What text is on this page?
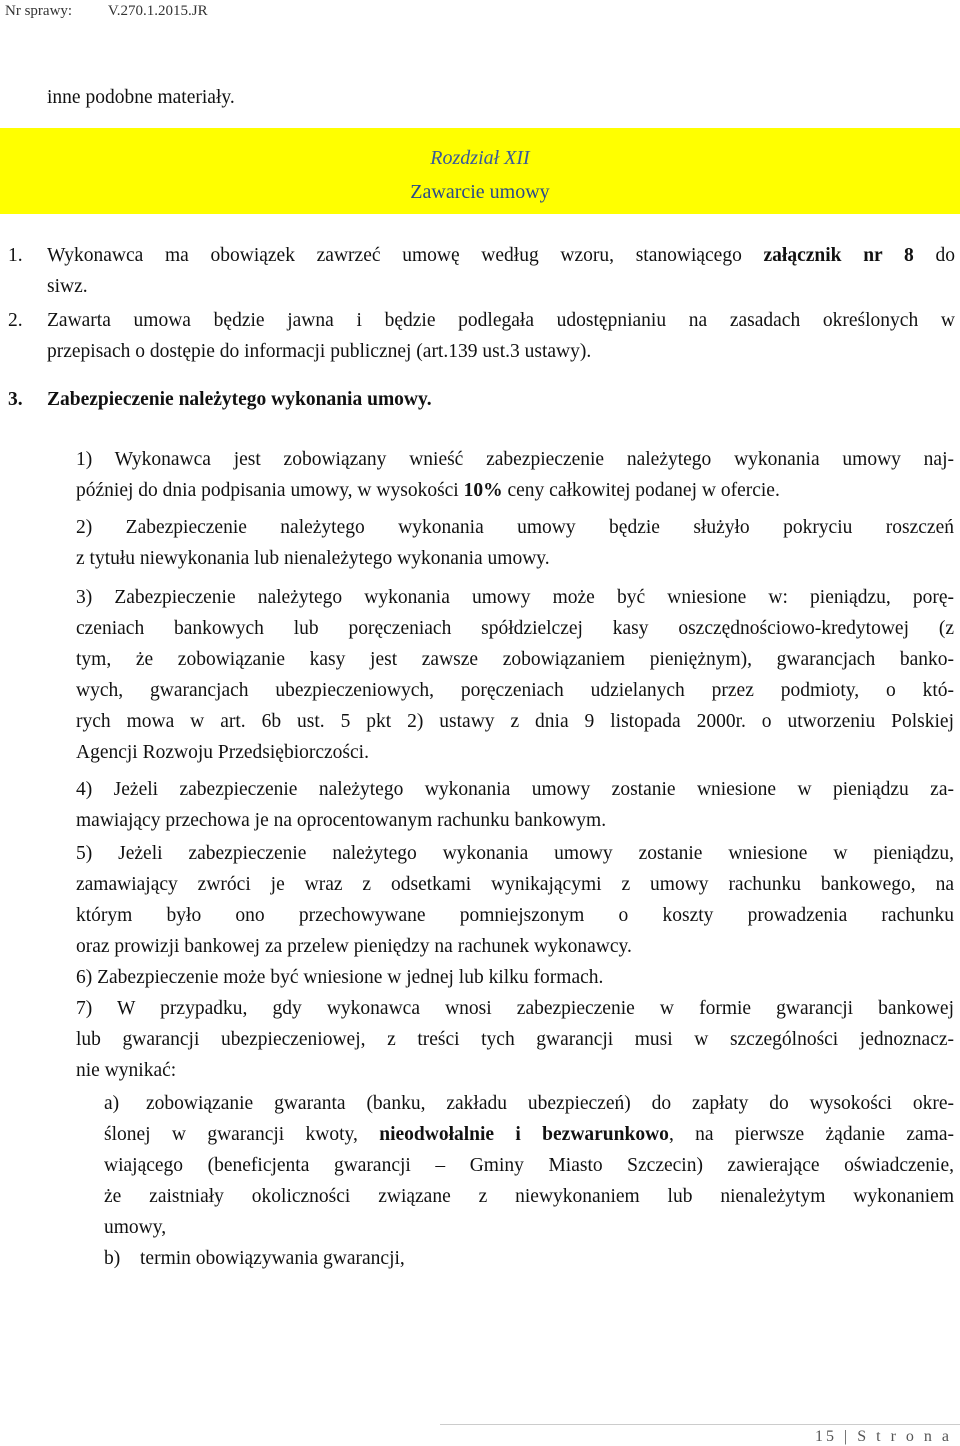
Nr sprawy: V.270.1.2015.JR

inne podobne materiały.

Rozdział XII
Zawarcie umowy
1. Wykonawca ma obowiązek zawrzeć umowę według wzoru, stanowiącego załącznik nr 8 do

siwz.

2. Zawarta umowa będzie jawna i będzie podlegała udostępnianiu na zasadach określonych w

przepisach o dostępie do informacji publicznej (art.139 ust.3 ustawy).

3. Zabezpieczenie należytego wykonania umowy.

1) Wykonawca jest zobowiązany wnieść zabezpieczenie należytego wykonania umowy naj-

później do dnia podpisania umowy, w wysokości 10% ceny całkowitej podanej w ofercie.

2) Zabezpieczenie należytego wykonania umowy będzie służyło pokryciu roszczeń

z tytułu niewykonania lub nienależytego wykonania umowy.

3) Zabezpieczenie należytego wykonania umowy może być wniesione w: pieniądzu, porę-

czeniach bankowych lub poręczeniach spółdzielczej kasy oszczędnościowo-kredytowej (z

tym, że zobowiązanie kasy jest zawsze zobowiązaniem pieniężnym), gwarancjach banko-

wych, gwarancjach ubezpieczeniowych, poręczeniach udzielanych przez podmioty, o któ-

rych mowa w art. 6b ust. 5 pkt 2) ustawy z dnia 9 listopada 2000r. o utworzeniu Polskiej

Agencji Rozwoju Przedsiębiorczości.

4) Jeżeli zabezpieczenie należytego wykonania umowy zostanie wniesione w pieniądzu za-

mawiający przechowa je na oprocentowanym rachunku bankowym.

5) Jeżeli zabezpieczenie należytego wykonania umowy zostanie wniesione w pieniądzu,

zamawiający zwróci je wraz z odsetkami wynikającymi z umowy rachunku bankowego, na

którym było ono przechowywane pomniejszonym o koszty prowadzenia rachunku

oraz prowizji bankowej za przelew pieniędzy na rachunek wykonawcy.

6) Zabezpieczenie może być wniesione w jednej lub kilku formach.

7) W przypadku, gdy wykonawca wnosi zabezpieczenie w formie gwarancji bankowej

lub gwarancji ubezpieczeniowej, z treści tych gwarancji musi w szczególności jednoznacz-

nie wynikać:

a) zobowiązanie gwaranta (banku, zakładu ubezpieczeń) do zapłaty do wysokości okre-

ślonej w gwarancji kwoty, nieodwołalnie i bezwarunkowo, na pierwsze żądanie zama-

wiającego (beneficjenta gwarancji – Gminy Miasto Szczecin) zawierające oświadczenie,

że zaistniały okoliczności związane z niewykonaniem lub nienależytym wykonaniem

umowy,

b) termin obowiązywania gwarancji,

15 | S t r o n a
